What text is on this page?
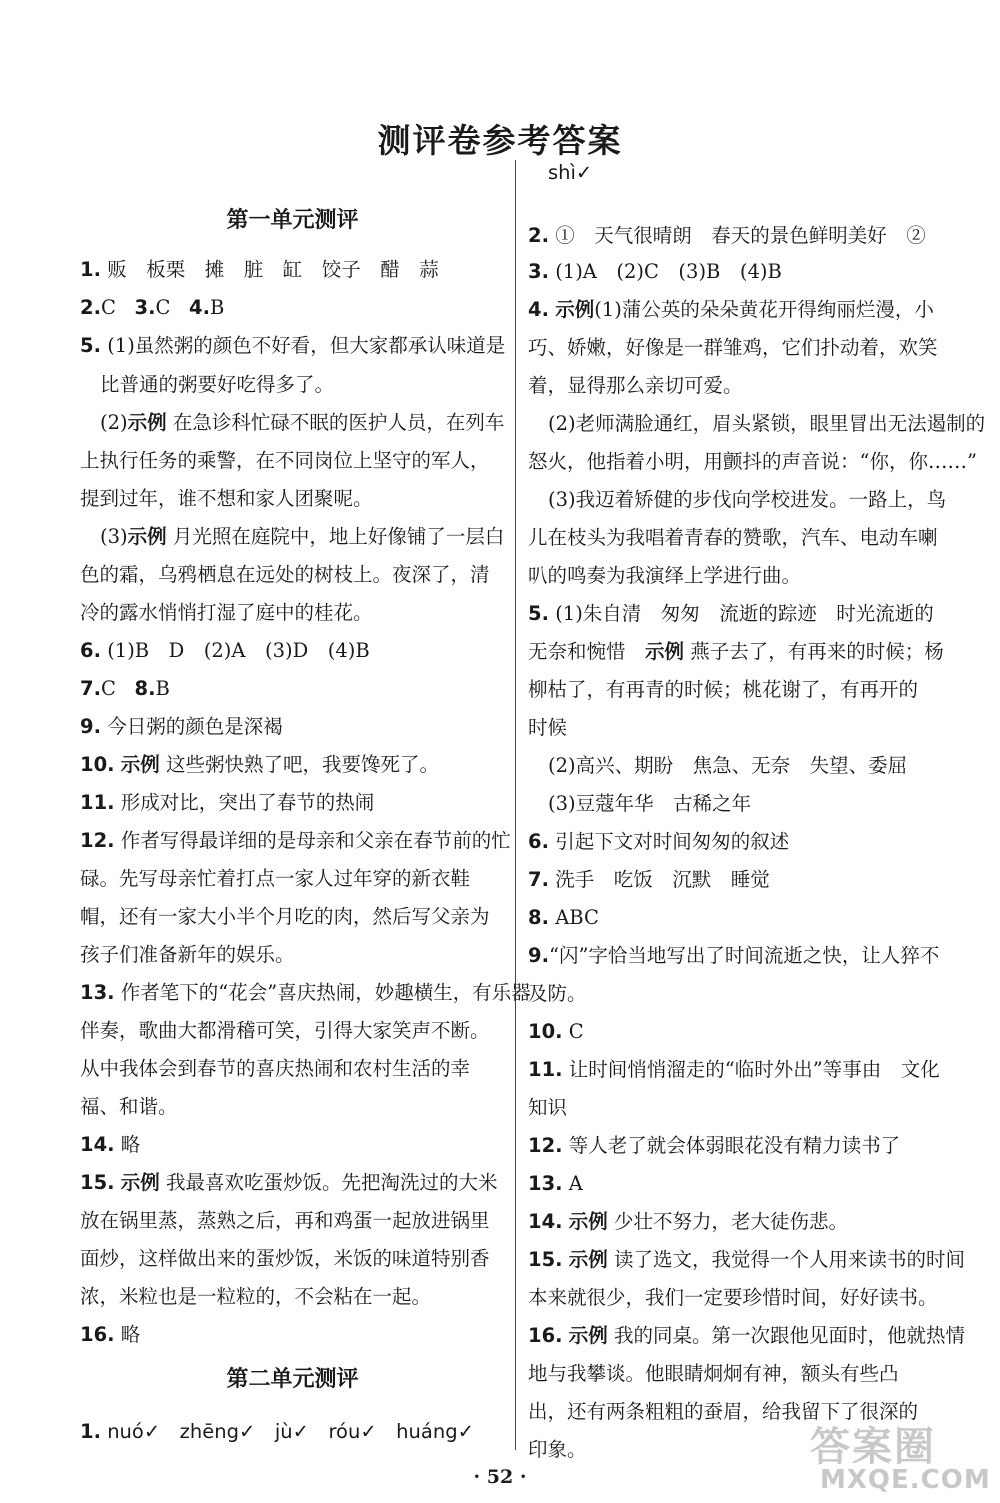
测评卷参考答案
第一单元测评
1. 贩　板栗　摊　脏　缸　饺子　醋　蒜
2.C 3.C 4.B
5. (1)虽然粥的颜色不好看，但大家都承认味道是
比普通的粥要好吃得多了。
(2)示例 在急诊科忙碌不眠的医护人员，在列车
上执行任务的乘警，在不同岗位上坚守的军人，
提到过年，谁不想和家人团聚呢。
(3)示例 月光照在庭院中，地上好像铺了一层白
色的霜，乌鸦栖息在远处的树枝上。夜深了，清
冷的露水悄悄打湿了庭中的桂花。
6. (1)B　D　(2)A　(3)D　(4)B
7.C 8.B
9. 今日粥的颜色是深褐
10. 示例 这些粥快熟了吧，我要馋死了。
11. 形成对比，突出了春节的热闹
12. 作者写得最详细的是母亲和父亲在春节前的忙
碌。先写母亲忙着打点一家人过年穿的新衣鞋
帽，还有一家大小半个月吃的肉，然后写父亲为
孩子们准备新年的娱乐。
13. 作者笔下的“花会”喜庆热闹，妙趣横生，有乐器
伴奏，歌曲大都滑稽可笑，引得大家笑声不断。
从中我体会到春节的喜庆热闹和农村生活的幸
福、和谐。
14. 略
15. 示例 我最喜欢吃蛋炒饭。先把淘洗过的大米
放在锅里蒸，蒸熟之后，再和鸡蛋一起放进锅里
面炒，这样做出来的蛋炒饭，米饭的味道特别香
浓，米粒也是一粒粒的，不会粘在一起。
16. 略
第二单元测评
1. nuó✓　zhēng✓　jù✓　róu✓　huáng✓
shì✓
2. ①　天气很晴朗　春天的景色鲜明美好　②
3. (1)A　(2)C　(3)B　(4)B
4. 示例(1)蒲公英的朵朵黄花开得绚丽烂漫，小
巧、娇嫩，好像是一群雏鸡，它们扑动着，欢笑
着，显得那么亲切可爱。
(2)老师满脸通红，眉头紧锁，眼里冒出无法遏制的
怒火，他指着小明，用颤抖的声音说：“你，你……”
(3)我迈着矫健的步伐向学校进发。一路上，鸟
儿在枝头为我唱着青春的赞歌，汽车、电动车喇
叭的鸣奏为我演绎上学进行曲。
5. (1)朱自清　匆匆　流逝的踪迹　时光流逝的
无奈和惋惜　示例 燕子去了，有再来的时候；杨
柳枯了，有再青的时候；桃花谢了，有再开的
时候
(2)高兴、期盼　焦急、无奈　失望、委屈
(3)豆蔻年华　古稀之年
6. 引起下文对时间匆匆的叙述
7. 洗手　吃饭　沉默　睡觉
8. ABC
9.“闪”字恰当地写出了时间流逝之快，让人猝不
及防。
10. C
11. 让时间悄悄溜走的“临时外出”等事由　文化
知识
12. 等人老了就会体弱眼花没有精力读书了
13. A
14. 示例 少壮不努力，老大徒伤悲。
15. 示例 读了选文，我觉得一个人用来读书的时间
本来就很少，我们一定要珍惜时间，好好读书。
16. 示例 我的同桌。第一次跟他见面时，他就热情
地与我攀谈。他眼睛炯炯有神，额头有些凸
出，还有两条粗粗的蚕眉，给我留下了很深的
印象。
· 52 ·
答案圈
MXQE.COM
